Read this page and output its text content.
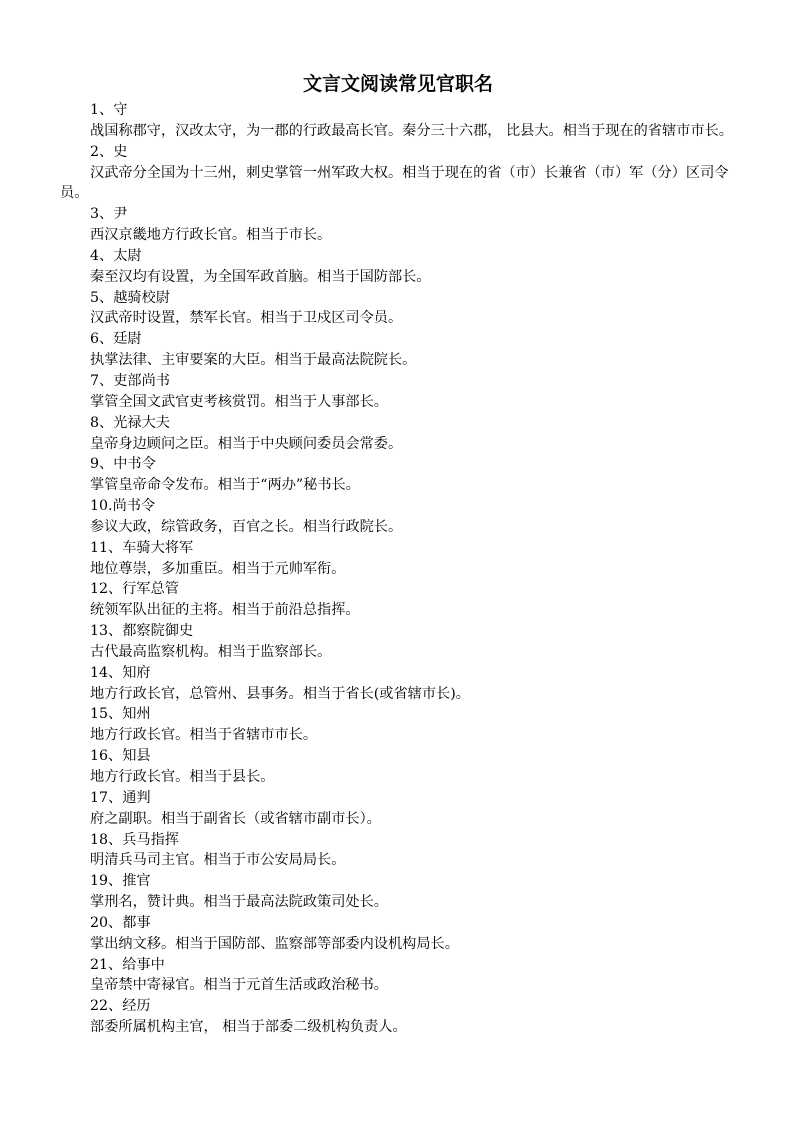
文言文阅读常见官职名

1、守

战国称郡守，汉改太守，为一郡的行政最高长官。秦分三十六郡， 比县大。相当于现在的省辖市市长。

2、史

汉武帝分全国为十三州，刺史掌管一州军政大权。相当于现在的省（市）长兼省（市）军（分）区司令员。

3、尹

西汉京畿地方行政长官。相当于市长。

4、太尉

秦至汉均有设置，为全国军政首脑。相当于国防部长。

5、越骑校尉

汉武帝时设置，禁军长官。相当于卫戍区司令员。

6、廷尉

执掌法律、主审要案的大臣。相当于最高法院院长。

7、吏部尚书

掌管全国文武官吏考核赏罚。相当于人事部长。

8、光禄大夫

皇帝身边顾问之臣。相当于中央顾问委员会常委。

9、中书令

掌管皇帝命令发布。相当于“两办”秘书长。

10.尚书令

参议大政，综管政务，百官之长。相当行政院长。

11、车骑大将军

地位尊崇，多加重臣。相当于元帅军衔。

12、行军总管

统领军队出征的主将。相当于前沿总指挥。

13、都察院御史

古代最高监察机构。相当于监察部长。

14、知府

地方行政长官，总管州、县事务。相当于省长(或省辖市长)。

15、知州

地方行政长官。相当于省辖市市长。

16、知县

地方行政长官。相当于县长。

17、通判

府之副职。相当于副省长（或省辖市副市长）。

18、兵马指挥

明清兵马司主官。相当于市公安局局长。

19、推官

掌刑名，赞计典。相当于最高法院政策司处长。

20、都事

掌出纳文移。相当于国防部、监察部等部委内设机构局长。

21、给事中

皇帝禁中寄禄官。相当于元首生活或政治秘书。

22、经历

部委所属机构主官， 相当于部委二级机构负责人。
